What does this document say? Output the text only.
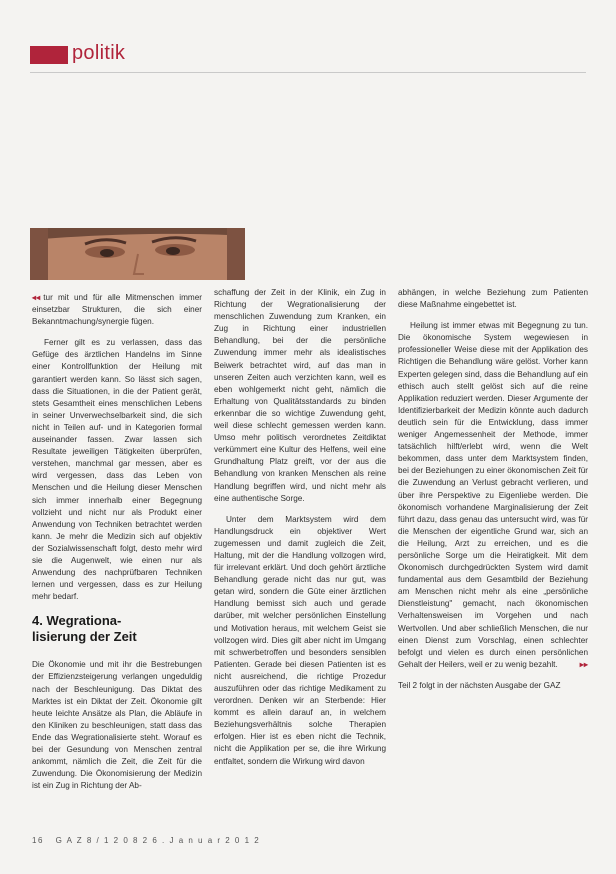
politik

◂◂ tur mit und für alle Mitmenschen immer einsetzbar Strukturen, die sich einer Bekanntmachung/synergie fügen.

Ferner gilt es zu verlassen, dass das Gefüge des ärztlichen Handelns im Sinne einer Kontrollfunktion der Heilung mit garantiert werden kann. So lässt sich sagen, dass die Situationen, in die der Patient gerät, stets Gesamtheit eines menschlichen Lebens in seiner Unverwechselbarkeit sind, die sich nicht in Teilen auf- und in Kategorien formal auseinander fassen. Zwar lassen sich Resultate jeweiligen Tätigkeiten überprüfen, verstehen, manchmal gar messen, aber es wird vergessen, dass das Leben von Menschen und die Heilung dieser Menschen sich immer innerhalb einer Begegnung vollzieht und nicht nur als Produkt einer Anwendung von Techniken betrachtet werden kann. Je mehr die Medizin sich auf objektiv der Sozialwissenschaft folgt, desto mehr wird sie die Augenwelt, wie einen nur als Anwendung des nachprüfbaren Techniken lernen und vergessen, dass es zur Heilung mehr bedarf.

4. Wegrationa-
lisierung der Zeit

Die Ökonomie und mit ihr die Bestrebungen der Effizienzsteigerung verlangen ungeduldig nach der Beschleunigung. Das Diktat des Marktes ist ein Diktat der Zeit. Ökonomie gilt heute leichte Ansätze als Plan, die Abläufe in den Kliniken zu beschleunigen, statt dass das Ende das Wegrationalisierte steht. Worauf es bei der Gesundung von Menschen zentral ankommt, nämlich die Zeit, die Zeit für die Zuwendung. Die Ökonomisierung der Medizin ist ein Zug in Richtung der Ab-

schaffung der Zeit in der Klinik, ein Zug in Richtung der Wegrationalisierung der menschlichen Zuwendung zum Kranken, ein Zug in Richtung einer industriellen Behandlung, bei der die persönliche Zuwendung immer mehr als idealistisches Beiwerk betrachtet wird, auf das man in unseren Zeiten auch verzichten kann, weil es eben wohlgemerkt nicht geht, nämlich die Erhaltung von Qualitätsstandards zu binden erkennbar die so wichtige Zuwendung geht, weil diese schlecht gemessen werden kann. Umso mehr politisch verordnetes Zeitdiktat verkümmert eine Kultur des Helfens, weil eine Grundhaltung Platz greift, vor der aus die Behandlung von kranken Menschen als reine Handlung begriffen wird, und nicht mehr als eine authentische Sorge.

Unter dem Marktsystem wird dem Handlungsdruck ein objektiver Wert zugemessen und damit zugleich die Zeit, Haltung, mit der die Handlung vollzogen wird, für irrelevant erklärt. Und doch gehört ärztliche Behandlung gerade nicht das nur gut, was getan wird, sondern die Güte einer ärztlichen Handlung bemisst sich auch und gerade darüber, mit welcher persönlichen Einstellung und Motivation heraus, mit welchem Geist sie vollzogen wird. Dies gilt aber nicht im Umgang mit schwerbetroffen und besonders sensiblen Patienten. Gerade bei diesen Patienten ist es nicht ausreichend, die richtige Prozedur auszuführen oder das richtige Medikament zu verordnen. Denken wir an Sterbende: Hier kommt es allein darauf an, in welchem Beziehungsverhältnis solche Therapien erfolgen. Hier ist es eben nicht die Technik, nicht die Applikation per se, die ihre Wirkung entfaltet, sondern die Wirkung wird davon

abhängen, in welche Beziehung zum Patienten diese Maßnahme eingebettet ist.

Heilung ist immer etwas mit Begegnung zu tun. Die ökonomische System wegewiesen in professioneller Weise diese mit der Applikation des Richtigen die Behandlung wäre gelöst. Vorher kann Experten gelegen sind, dass die Behandlung auf ein ethisch auch stellt gelöst sich auf die reine Applikation reduziert werden. Dieser Argumente der Identifizierbarkeit der Medizin könnte auch dadurch deutlich sein für die Entwicklung, dass immer weniger Angemessenheit der Methode, immer tatsächlich hilft/erlebt wird, wenn die Welt bekommen, dass unter dem Marktsystem finden, bei der Beziehungen zu einer ökonomischen Zeit für die Zuwendung an Verlust gebracht verlieren, und über ihre Perspektive zu Eigenliebe werden. Die ökonomisch vorhandene Marginalisierung der Zeit führt dazu, dass genau das untersucht wird, was für die Menschen der eigentliche Grund war, sich an die Heilung, Arzt zu erreichen, und es die persönliche Sorge um die Heiratigkeit. Mit dem Ökonomisch durchgedrückten System wird damit fundamental aus dem Gesamtbild der Beziehung am Menschen nicht mehr als eine „persönliche Dienstleistung" gemacht, nach ökonomischen Verhaltensweisen im Vorgehen und nach Wertvollen. Und aber schließlich Menschen, die nur einen Dienst zum Vorschlag, einen schlechter befolgt und vielen es durch einen persönlichen Gehalt der Heilers, weil er zu wenig bezahlt.	▸▸

Teil 2 folgt in der nächsten Ausgabe der GAZ

16 G A Z 8 / 1 2 0 8 2 6 . J a n u a r 2 0 1 2
